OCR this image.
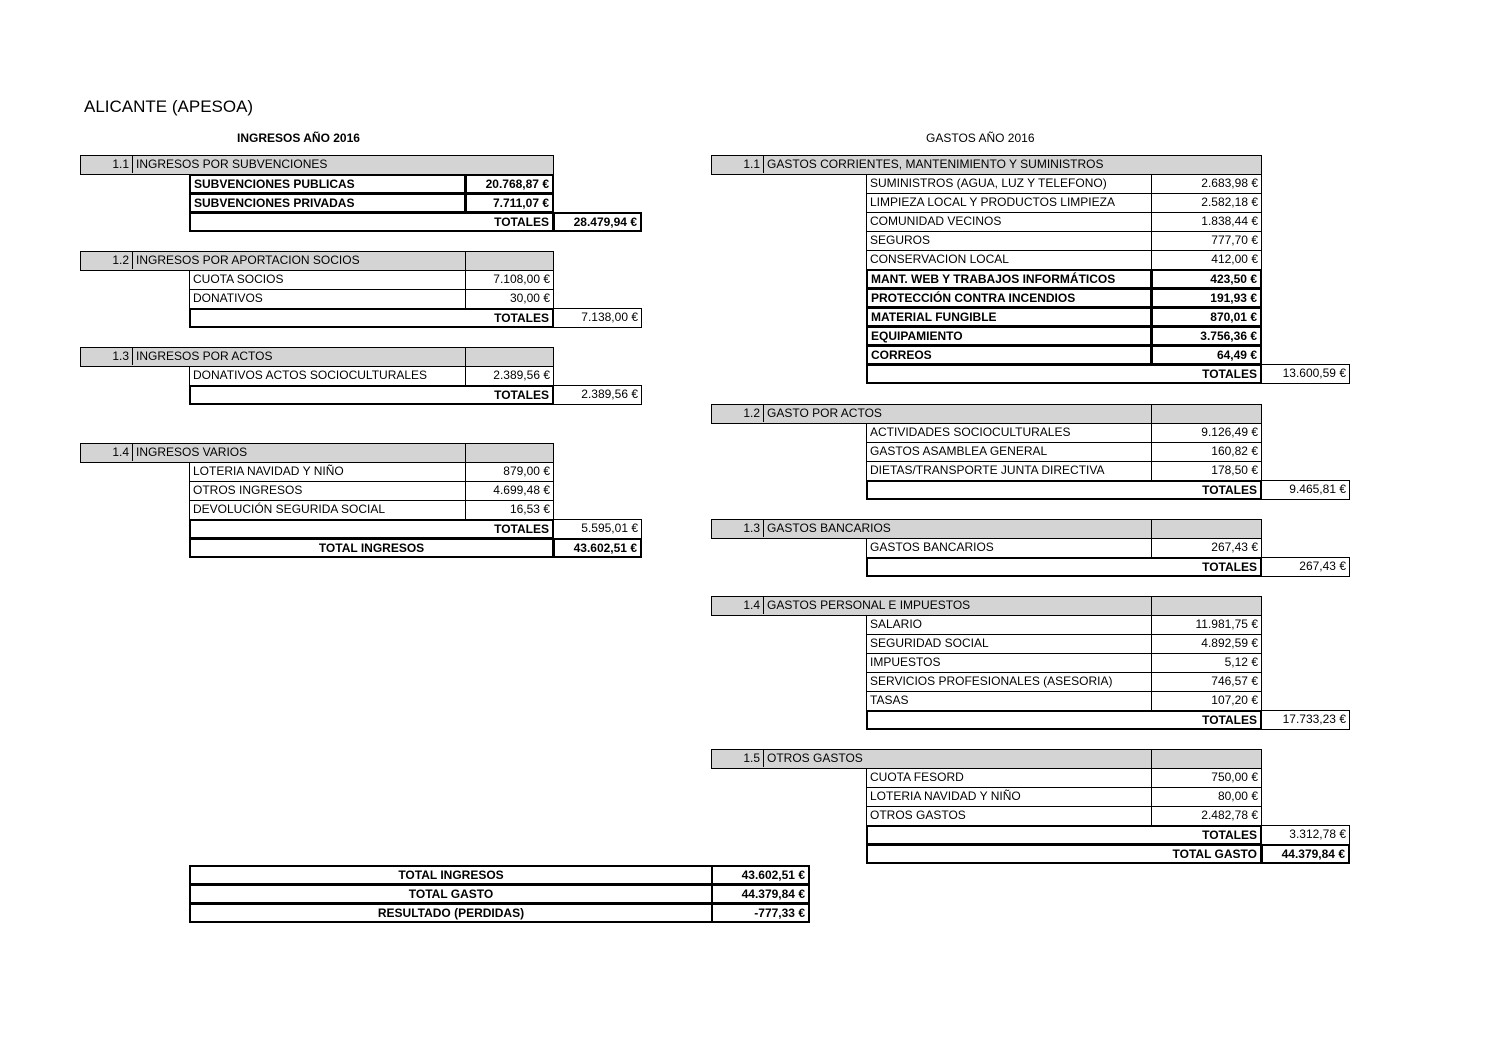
ALICANTE (APESOA)
INGRESOS AÑO 2016	GASTOS AÑO 2016
1.1 INGRESOS POR SUBVENCIONES
SUBVENCIONES PUBLICAS	20.768,87 €
SUBVENCIONES PRIVADAS	7.711,07 €
TOTALES	28.479,94 €
1.2 INGRESOS POR APORTACION SOCIOS
CUOTA SOCIOS	7.108,00 €
DONATIVOS	30,00 €
TOTALES	7.138,00 €
1.3 INGRESOS POR ACTOS
DONATIVOS ACTOS SOCIOCULTURALES	2.389,56 €
TOTALES	2.389,56 €
1.4 INGRESOS VARIOS
LOTERIA NAVIDAD Y NIÑO	879,00 €
OTROS INGRESOS	4.699,48 €
DEVOLUCIÓN SEGURIDA SOCIAL	16,53 €
TOTALES	5.595,01 €
TOTAL INGRESOS	43.602,51 €
1.1 GASTOS CORRIENTES, MANTENIMIENTO Y SUMINISTROS
SUMINISTROS (AGUA, LUZ Y TELEFONO)	2.683,98 €
LIMPIEZA LOCAL Y PRODUCTOS LIMPIEZA	2.582,18 €
COMUNIDAD VECINOS	1.838,44 €
SEGUROS	777,70 €
CONSERVACION LOCAL	412,00 €
MANT. WEB Y TRABAJOS INFORMÁTICOS	423,50 €
PROTECCIÓN CONTRA INCENDIOS	191,93 €
MATERIAL FUNGIBLE	870,01 €
EQUIPAMIENTO	3.756,36 €
CORREOS	64,49 €
TOTALES	13.600,59 €
1.2 GASTO POR ACTOS
ACTIVIDADES SOCIOCULTURALES	9.126,49 €
GASTOS ASAMBLEA GENERAL	160,82 €
DIETAS/TRANSPORTE JUNTA DIRECTIVA	178,50 €
TOTALES	9.465,81 €
1.3 GASTOS BANCARIOS
GASTOS BANCARIOS	267,43 €
TOTALES	267,43 €
1.4 GASTOS PERSONAL E IMPUESTOS
SALARIO	11.981,75 €
SEGURIDAD SOCIAL	4.892,59 €
IMPUESTOS	5,12 €
SERVICIOS PROFESIONALES (ASESORIA)	746,57 €
TASAS	107,20 €
TOTALES	17.733,23 €
1.5 OTROS GASTOS
CUOTA FESORD	750,00 €
LOTERIA NAVIDAD Y NIÑO	80,00 €
OTROS GASTOS	2.482,78 €
TOTALES	3.312,78 €
TOTAL GASTO	44.379,84 €
TOTAL INGRESOS	43.602,51 €
TOTAL GASTO	44.379,84 €
RESULTADO (PERDIDAS)	-777,33 €
